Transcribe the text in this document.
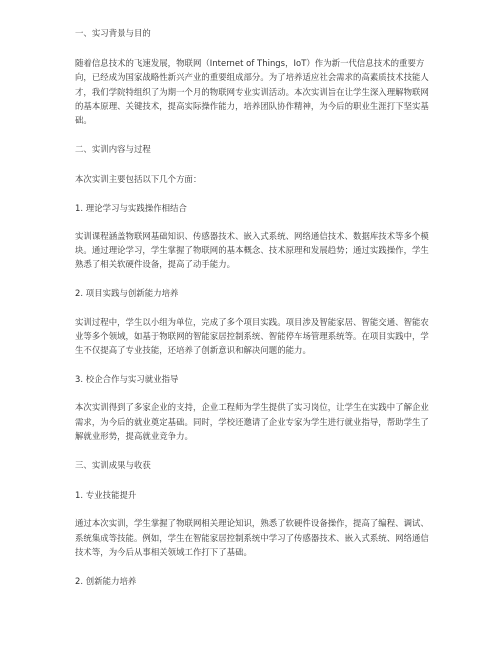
一、实习背景与目的

随着信息技术的飞速发展，物联网（Internet of Things，IoT）作为新一代信息技术的重要方向，已经成为国家战略性新兴产业的重要组成部分。为了培养适应社会需求的高素质技术技能人才，我们学院特组织了为期一个月的物联网专业实训活动。本次实训旨在让学生深入理解物联网的基本原理、关键技术，提高实际操作能力，培养团队协作精神，为今后的职业生涯打下坚实基础。

二、实训内容与过程

本次实训主要包括以下几个方面：

1. 理论学习与实践操作相结合

实训课程涵盖物联网基础知识、传感器技术、嵌入式系统、网络通信技术、数据库技术等多个模块。通过理论学习，学生掌握了物联网的基本概念、技术原理和发展趋势；通过实践操作，学生熟悉了相关软硬件设备，提高了动手能力。

2. 项目实践与创新能力培养

实训过程中，学生以小组为单位，完成了多个项目实践。项目涉及智能家居、智能交通、智能农业等多个领域，如基于物联网的智能家居控制系统、智能停车场管理系统等。在项目实践中，学生不仅提高了专业技能，还培养了创新意识和解决问题的能力。

3. 校企合作与实习就业指导

本次实训得到了多家企业的支持，企业工程师为学生提供了实习岗位，让学生在实践中了解企业需求，为今后的就业奠定基础。同时，学校还邀请了企业专家为学生进行就业指导，帮助学生了解就业形势，提高就业竞争力。

三、实训成果与收获

1. 专业技能提升

通过本次实训，学生掌握了物联网相关理论知识，熟悉了软硬件设备操作，提高了编程、调试、系统集成等技能。例如，学生在智能家居控制系统中学习了传感器技术、嵌入式系统、网络通信技术等，为今后从事相关领域工作打下了基础。

2. 创新能力培养
